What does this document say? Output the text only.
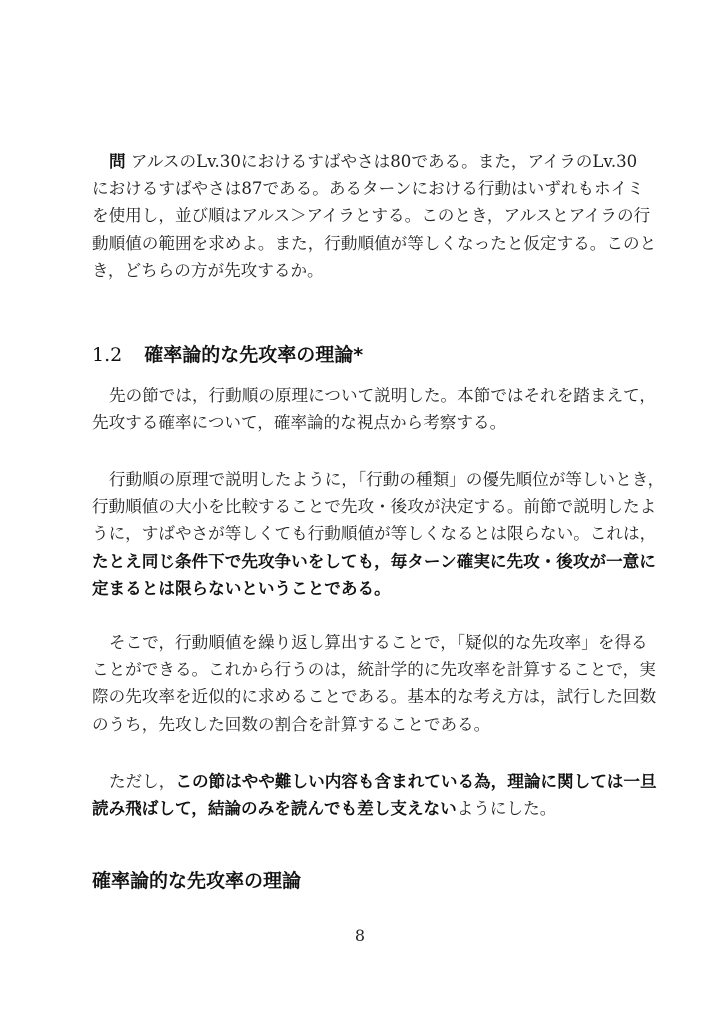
1.2 確率論的な先攻率の理論*
確率論的な先攻率の理論
8
問 アルスのLv.30におけるすばやさは80である。また，アイラのLv.30
におけるすばやさは87である。あるターンにおける行動はいずれもホイミ
を使用し，並び順はアルス＞アイラとする。このとき，アルスとアイラの行
動順値の範囲を求めよ。また，行動順値が等しくなったと仮定する。このと
き，どちらの方が先攻するか。
先の節では，行動順の原理について説明した。本節ではそれを踏まえて，
先攻する確率について，確率論的な視点から考察する。
行動順の原理で説明したように，「行動の種類」の優先順位が等しいとき，
行動順値の大小を比較することで先攻・後攻が決定する。前節で説明したよ
うに，すばやさが等しくても行動順値が等しくなるとは限らない。これは，
たとえ同じ条件下で先攻争いをしても，毎ターン確実に先攻・後攻が一意に
定まるとは限らないということである。
そこで，行動順値を繰り返し算出することで，「疑似的な先攻率」を得る
ことができる。これから行うのは，統計学的に先攻率を計算することで，実
際の先攻率を近似的に求めることである。基本的な考え方は，試行した回数
のうち，先攻した回数の割合を計算することである。
ただし，この節はやや難しい内容も含まれている為，理論に関しては一旦
読み飛ばして，結論のみを読んでも差し支えないようにした。
